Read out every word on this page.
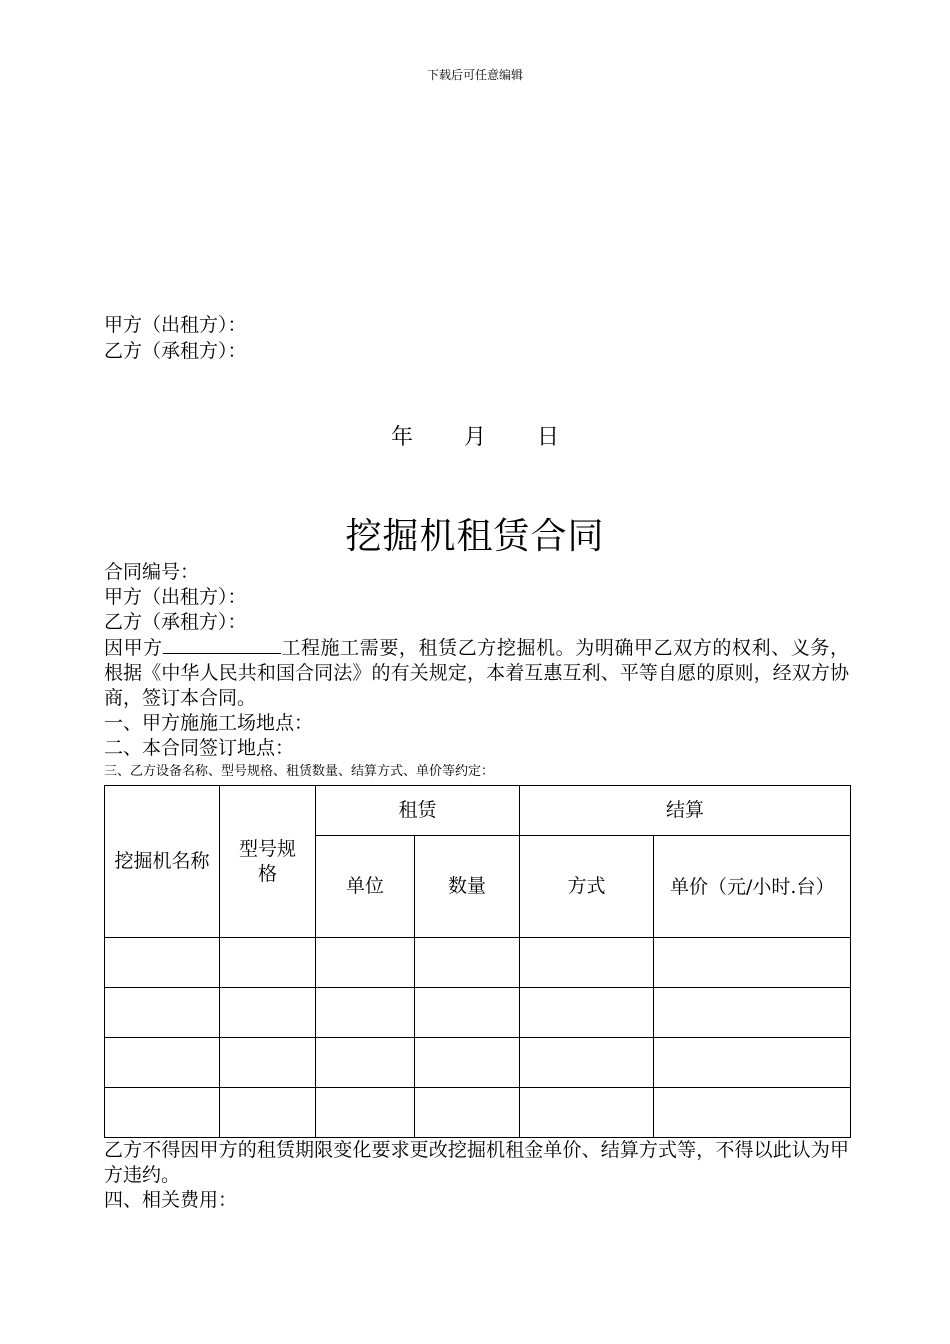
下载后可任意编辑
甲方（出租方）：
乙方（承租方）：
年 月 日
挖掘机租赁合同

合同编号：

甲方（出租方）：

乙方（承租方）：

因甲方	工程施工需要，租赁乙方挖掘机。为明确甲乙双方的权利、义务，根据《中华人民共和国合同法》的有关规定，本着互惠互利、平等自愿的原则，经双方协商，签订本合同。

一、甲方施施工场地点：

二、本合同签订地点：

三、乙方设备名称、型号规格、租赁数量、结算方式、单价等约定：

挖掘机名称	型号规格	租赁		结算	
		单位	数量	方式	单价（元/小时.台）

乙方不得因甲方的租赁期限变化要求更改挖掘机租金单价、结算方式等，不得以此认为甲方违约。

四、相关费用：
